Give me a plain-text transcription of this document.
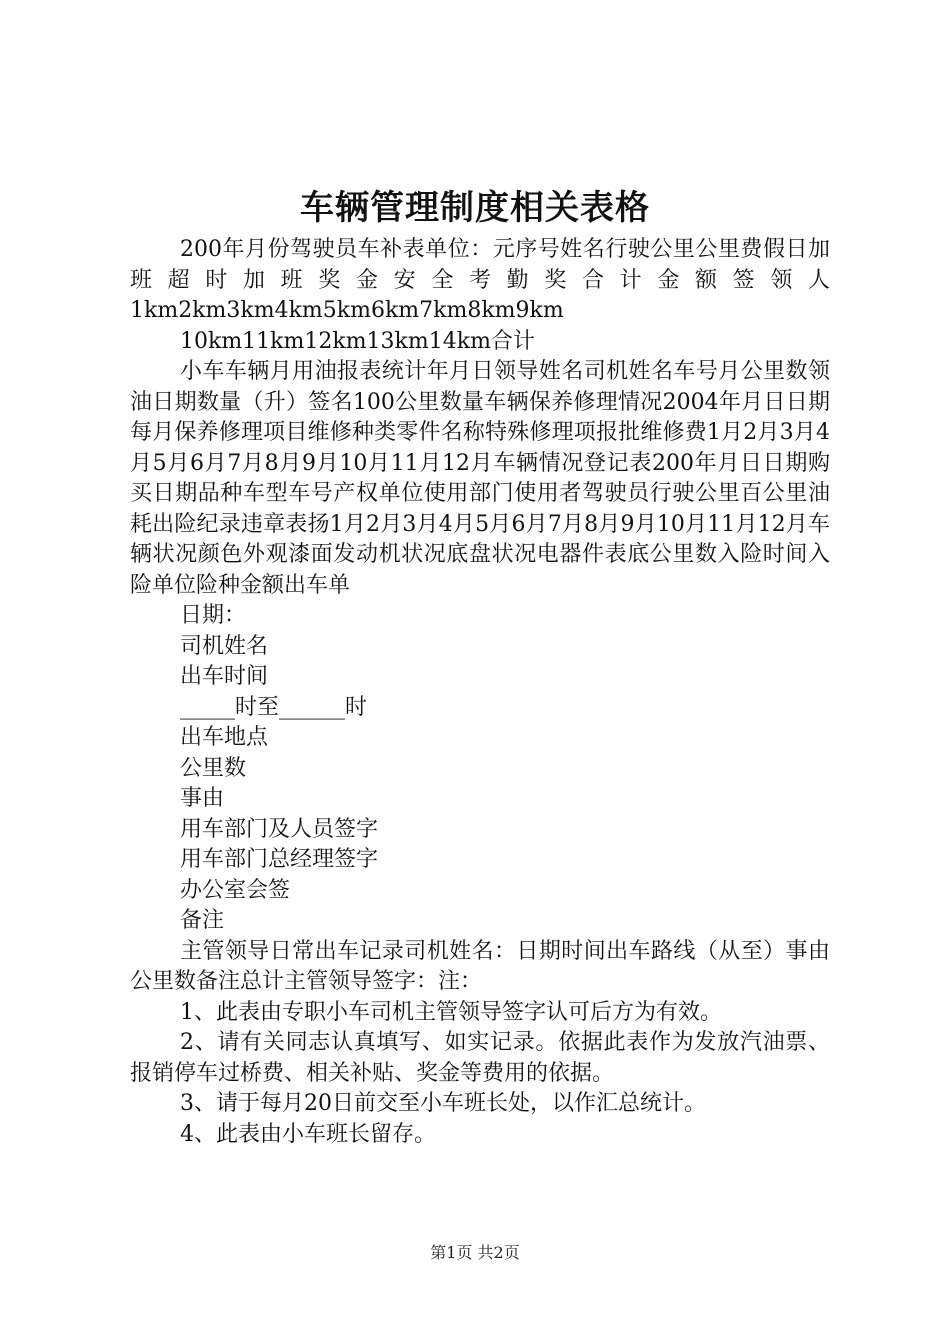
车辆管理制度相关表格

200年月份驾驶员车补表单位：元序号姓名行驶公里公里费假日加班超时加班奖金安全考勤奖合计金额签领人1km2km3km4km5km6km7km8km9km

10km11km12km13km14km合计

小车车辆月用油报表统计年月日领导姓名司机姓名车号月公里数领油日期数量（升）签名100公里数量车辆保养修理情况2004年月日日期每月保养修理项目维修种类零件名称特殊修理项报批维修费1月2月3月4月5月6月7月8月9月10月11月12月车辆情况登记表200年月日日期购买日期品种车型车号产权单位使用部门使用者驾驶员行驶公里百公里油耗出险纪录违章表扬1月2月3月4月5月6月7月8月9月10月11月12月车辆状况颜色外观漆面发动机状况底盘状况电器件表底公里数入险时间入险单位险种金额出车单

日期：

司机姓名

出车时间

_____时至______时

出车地点

公里数

事由

用车部门及人员签字

用车部门总经理签字

办公室会签

备注

主管领导日常出车记录司机姓名：日期时间出车路线（从至）事由公里数备注总计主管领导签字：注：

1、此表由专职小车司机主管领导签字认可后方为有效。

2、请有关同志认真填写、如实记录。依据此表作为发放汽油票、报销停车过桥费、相关补贴、奖金等费用的依据。

3、请于每月20日前交至小车班长处，以作汇总统计。

4、此表由小车班长留存。

第1页 共2页
